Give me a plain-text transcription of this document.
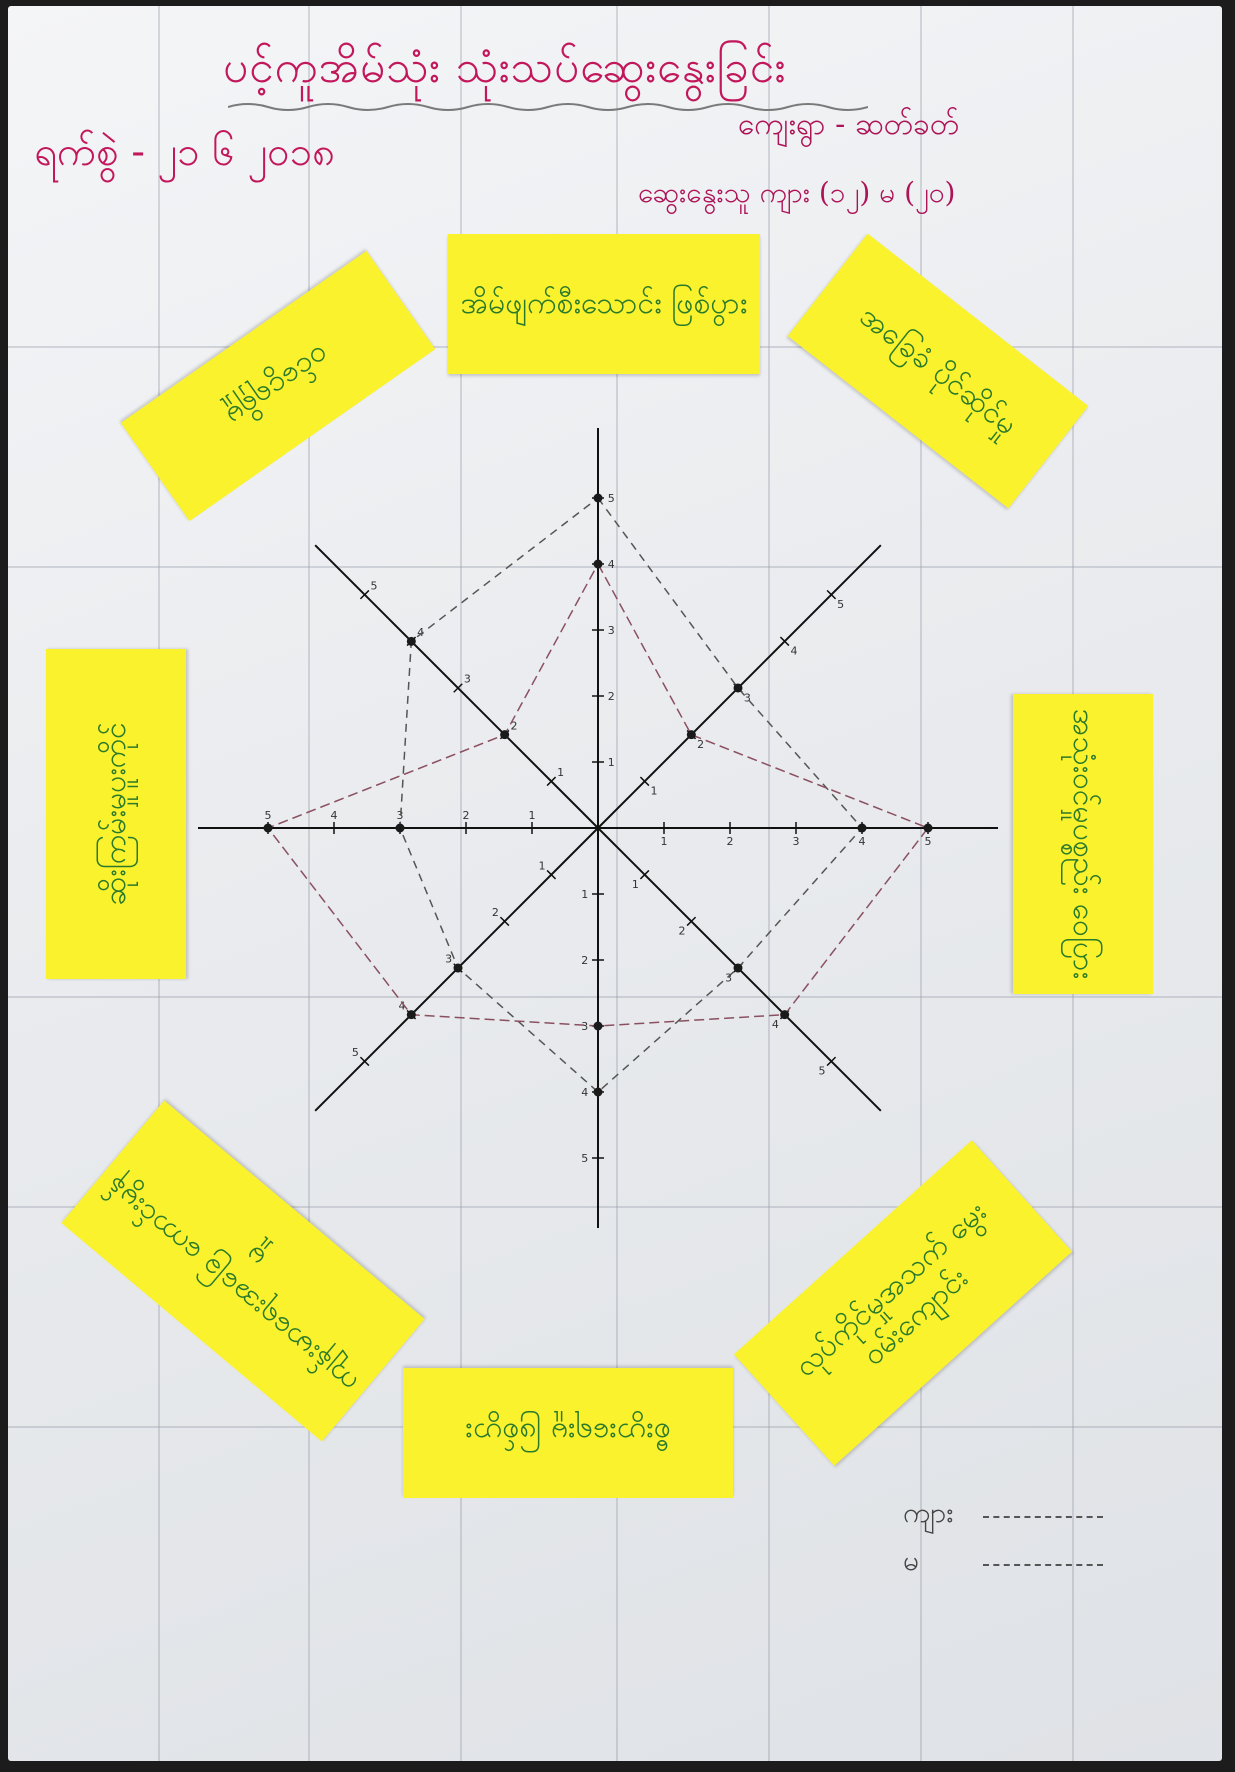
ပင့်ကူအိမ်သုံး သုံးသပ်ဆွေးနွေးခြင်း
ရက်စွဲ - ၂၁ ၆ ၂၀၁၈
ကျေးရွာ - ဆတ်ခတ်
ဆွေးနွေးသူ ကျား (၁၂) မ (၂၀)
1
2
3
4
5
1
2
3
4
5
1	2	3	4	5
1
2
3
4
5
1
2
3
4
5
1
2
3
4
5
1
2
3
4
5
1
2
3
4
5
အိမ်ဖျက်စီးသောင်း ဖြစ်ပွား	အခြေခံ ပိုင်ဆိုင်မှု
အသုံးဝင်မှုပစ္စည်း ဝေပြား
လုပ်ကိုင်မှုအသက် မွေးဝမ်းကျောင်း
စီးပွားရေးမူ ဖြစ်ပွား
ကျန်းမာရေးအခြေ ကောင်းမွန်မှု
ဆိုးကြမ်းမှုပူးကိုင်
ဝင်ငွေရရှိမှု
ကျား
မ
